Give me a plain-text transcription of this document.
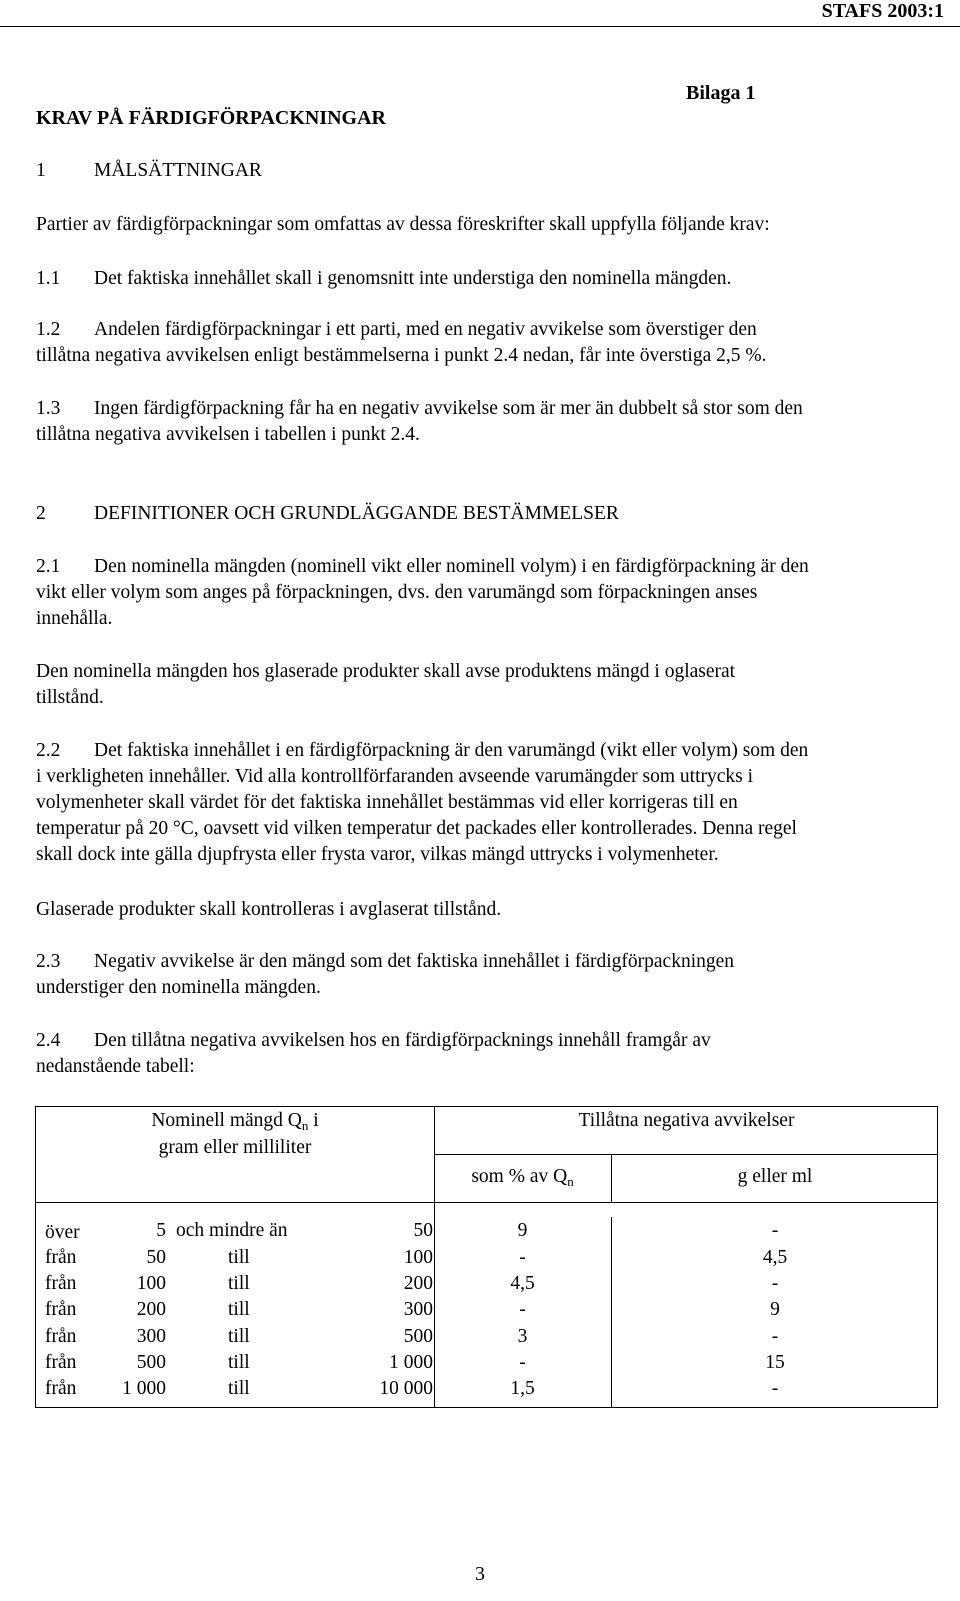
STAFS 2003:1
Bilaga 1
KRAV PÅ FÄRDIGFÖRPACKNINGAR
1 MÅLSÄTTNINGAR
Partier av färdigförpackningar som omfattas av dessa föreskrifter skall uppfylla följande krav:
1.1 Det faktiska innehållet skall i genomsnitt inte understiga den nominella mängden.
1.2 Andelen färdigförpackningar i ett parti, med en negativ avvikelse som överstiger den
tillåtna negativa avvikelsen enligt bestämmelserna i punkt 2.4 nedan, får inte överstiga 2,5 %.
1.3 Ingen färdigförpackning får ha en negativ avvikelse som är mer än dubbelt så stor som den
tillåtna negativa avvikelsen i tabellen i punkt 2.4.
2 DEFINITIONER OCH GRUNDLÄGGANDE BESTÄMMELSER
2.1 Den nominella mängden (nominell vikt eller nominell volym) i en färdigförpackning är den
vikt eller volym som anges på förpackningen, dvs. den varumängd som förpackningen anses
innehålla.
Den nominella mängden hos glaserade produkter skall avse produktens mängd i oglaserat
tillstånd.
2.2 Det faktiska innehållet i en färdigförpackning är den varumängd (vikt eller volym) som den
i verkligheten innehåller. Vid alla kontrollförfaranden avseende varumängder som uttrycks i
volymenheter skall värdet för det faktiska innehållet bestämmas vid eller korrigeras till en
temperatur på 20 °C, oavsett vid vilken temperatur det packades eller kontrollerades. Denna regel
skall dock inte gälla djupfrysta eller frysta varor, vilkas mängd uttrycks i volymenheter.
Glaserade produkter skall kontrolleras i avglaserat tillstånd.
2.3 Negativ avvikelse är den mängd som det faktiska innehållet i färdigförpackningen
understiger den nominella mängden.
2.4 Den tillåtna negativa avvikelsen hos en färdigförpacknings innehåll framgår av
nedanstående tabell:
Nominell mängd $Q_n$ i
gram eller milliliter
Tillåtna negativa avvikelser
som % av $Q_n$	g eller ml
över	5 och mindre än	50	9	-
från	50	till	100	-	4,5
från	100	till	200	4,5	-
från	200	till	300	-	9
från	300	till	500	3	-
från	500	till	1 000	-	15
från	1 000	till	10 000	1,5	-
3
